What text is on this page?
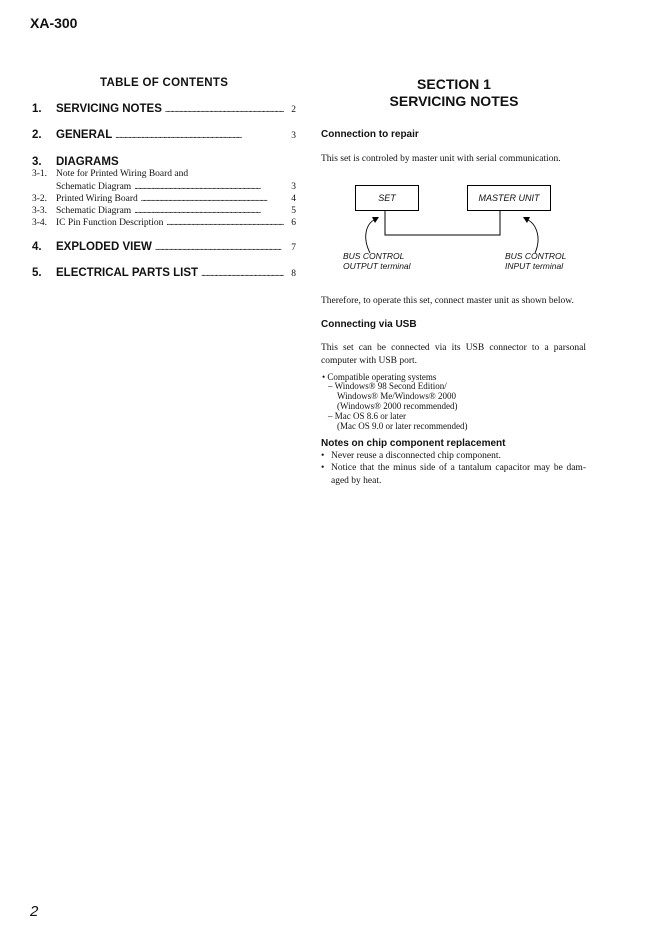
XA-300
2
TABLE OF CONTENTS
1.	SERVICING NOTES . . .	2
2.	GENERAL . . .	3
3.	DIAGRAMS
3-1. Note for Printed Wiring Board and
Schematic Diagram . . .	3
3-2. Printed Wiring Board . . .	4
3-3. Schematic Diagram . . .	5
3-4. IC Pin Function Description . . .	6
4.	EXPLODED VIEW . . .	7
5.	ELECTRICAL PARTS LIST . . .	8
SECTION 1
SERVICING NOTES
Connection to repair
This set is controled by master unit with serial communication.
SET	MASTER UNIT
BUS CONTROL
OUTPUT terminal
BUS CONTROL
INPUT terminal
Therefore, to operate this set, connect master unit as shown below.
Connecting via USB
This set can be connected via its USB connector to a parsonal computer with USB port.
• Compatible operating systems
– Windows® 98 Second Edition/
Windows® Me/Windows® 2000
(Windows® 2000 recommended)
– Mac OS 8.6 or later
(Mac OS 9.0 or later recommended)
Notes on chip component replacement
• Never reuse a disconnected chip component.
• Notice that the minus side of a tantalum capacitor may be dam-aged by heat.
